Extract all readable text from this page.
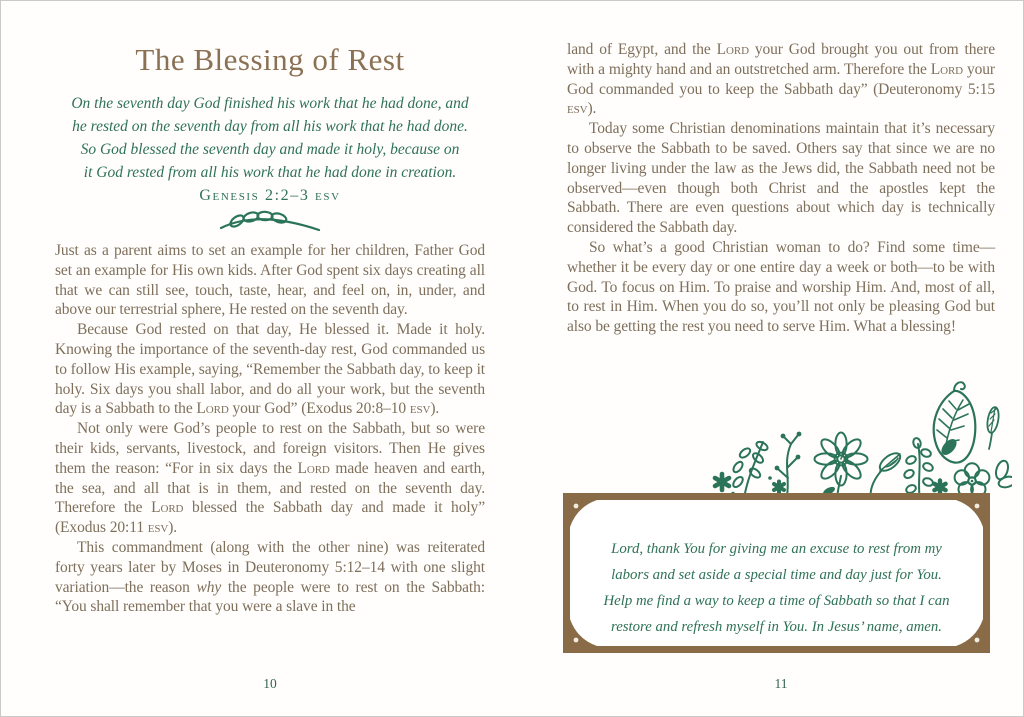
The Blessing of Rest
On the seventh day God finished his work that he had done, and
he rested on the seventh day from all his work that he had done.
So God blessed the seventh day and made it holy, because on
it God rested from all his work that he had done in creation.
Genesis 2:2–3 esv

Just as a parent aims to set an example for her children, Father God set an example for His own kids. After God spent six days creating all that we can still see, touch, taste, hear, and feel on, in, under, and above our terrestrial sphere, He rested on the seventh day.

Because God rested on that day, He blessed it. Made it holy. Knowing the importance of the seventh-day rest, God commanded us to follow His example, saying, “Remember the Sabbath day, to keep it holy. Six days you shall labor, and do all your work, but the seventh day is a Sabbath to the Lord your God” (Exodus 20:8–10 esv).

Not only were God’s people to rest on the Sabbath, but so were their kids, servants, livestock, and foreign visitors. Then He gives them the reason: “For in six days the Lord made heaven and earth, the sea, and all that is in them, and rested on the seventh day. Therefore the Lord blessed the Sabbath day and made it holy” (Exodus 20:11 esv).

This commandment (along with the other nine) was reiterated forty years later by Moses in Deuteronomy 5:12–14 with one slight variation—the reason why the people were to rest on the Sabbath: “You shall remember that you were a slave in the

land of Egypt, and the Lord your God brought you out from there with a mighty hand and an outstretched arm. Therefore the Lord your God commanded you to keep the Sabbath day” (Deuteronomy 5:15 esv).

Today some Christian denominations maintain that it’s necessary to observe the Sabbath to be saved. Others say that since we are no longer living under the law as the Jews did, the Sabbath need not be observed—even though both Christ and the apostles kept the Sabbath. There are even questions about which day is technically considered the Sabbath day.

So what’s a good Christian woman to do? Find some time—whether it be every day or one entire day a week or both—to be with God. To focus on Him. To praise and worship Him. And, most of all, to rest in Him. When you do so, you’ll not only be pleasing God but also be getting the rest you need to serve Him. What a blessing!

Lord, thank You for giving me an excuse to rest from my
labors and set aside a special time and day just for You.
Help me find a way to keep a time of Sabbath so that I can
restore and refresh myself in You. In Jesus’ name, amen.
10	11
